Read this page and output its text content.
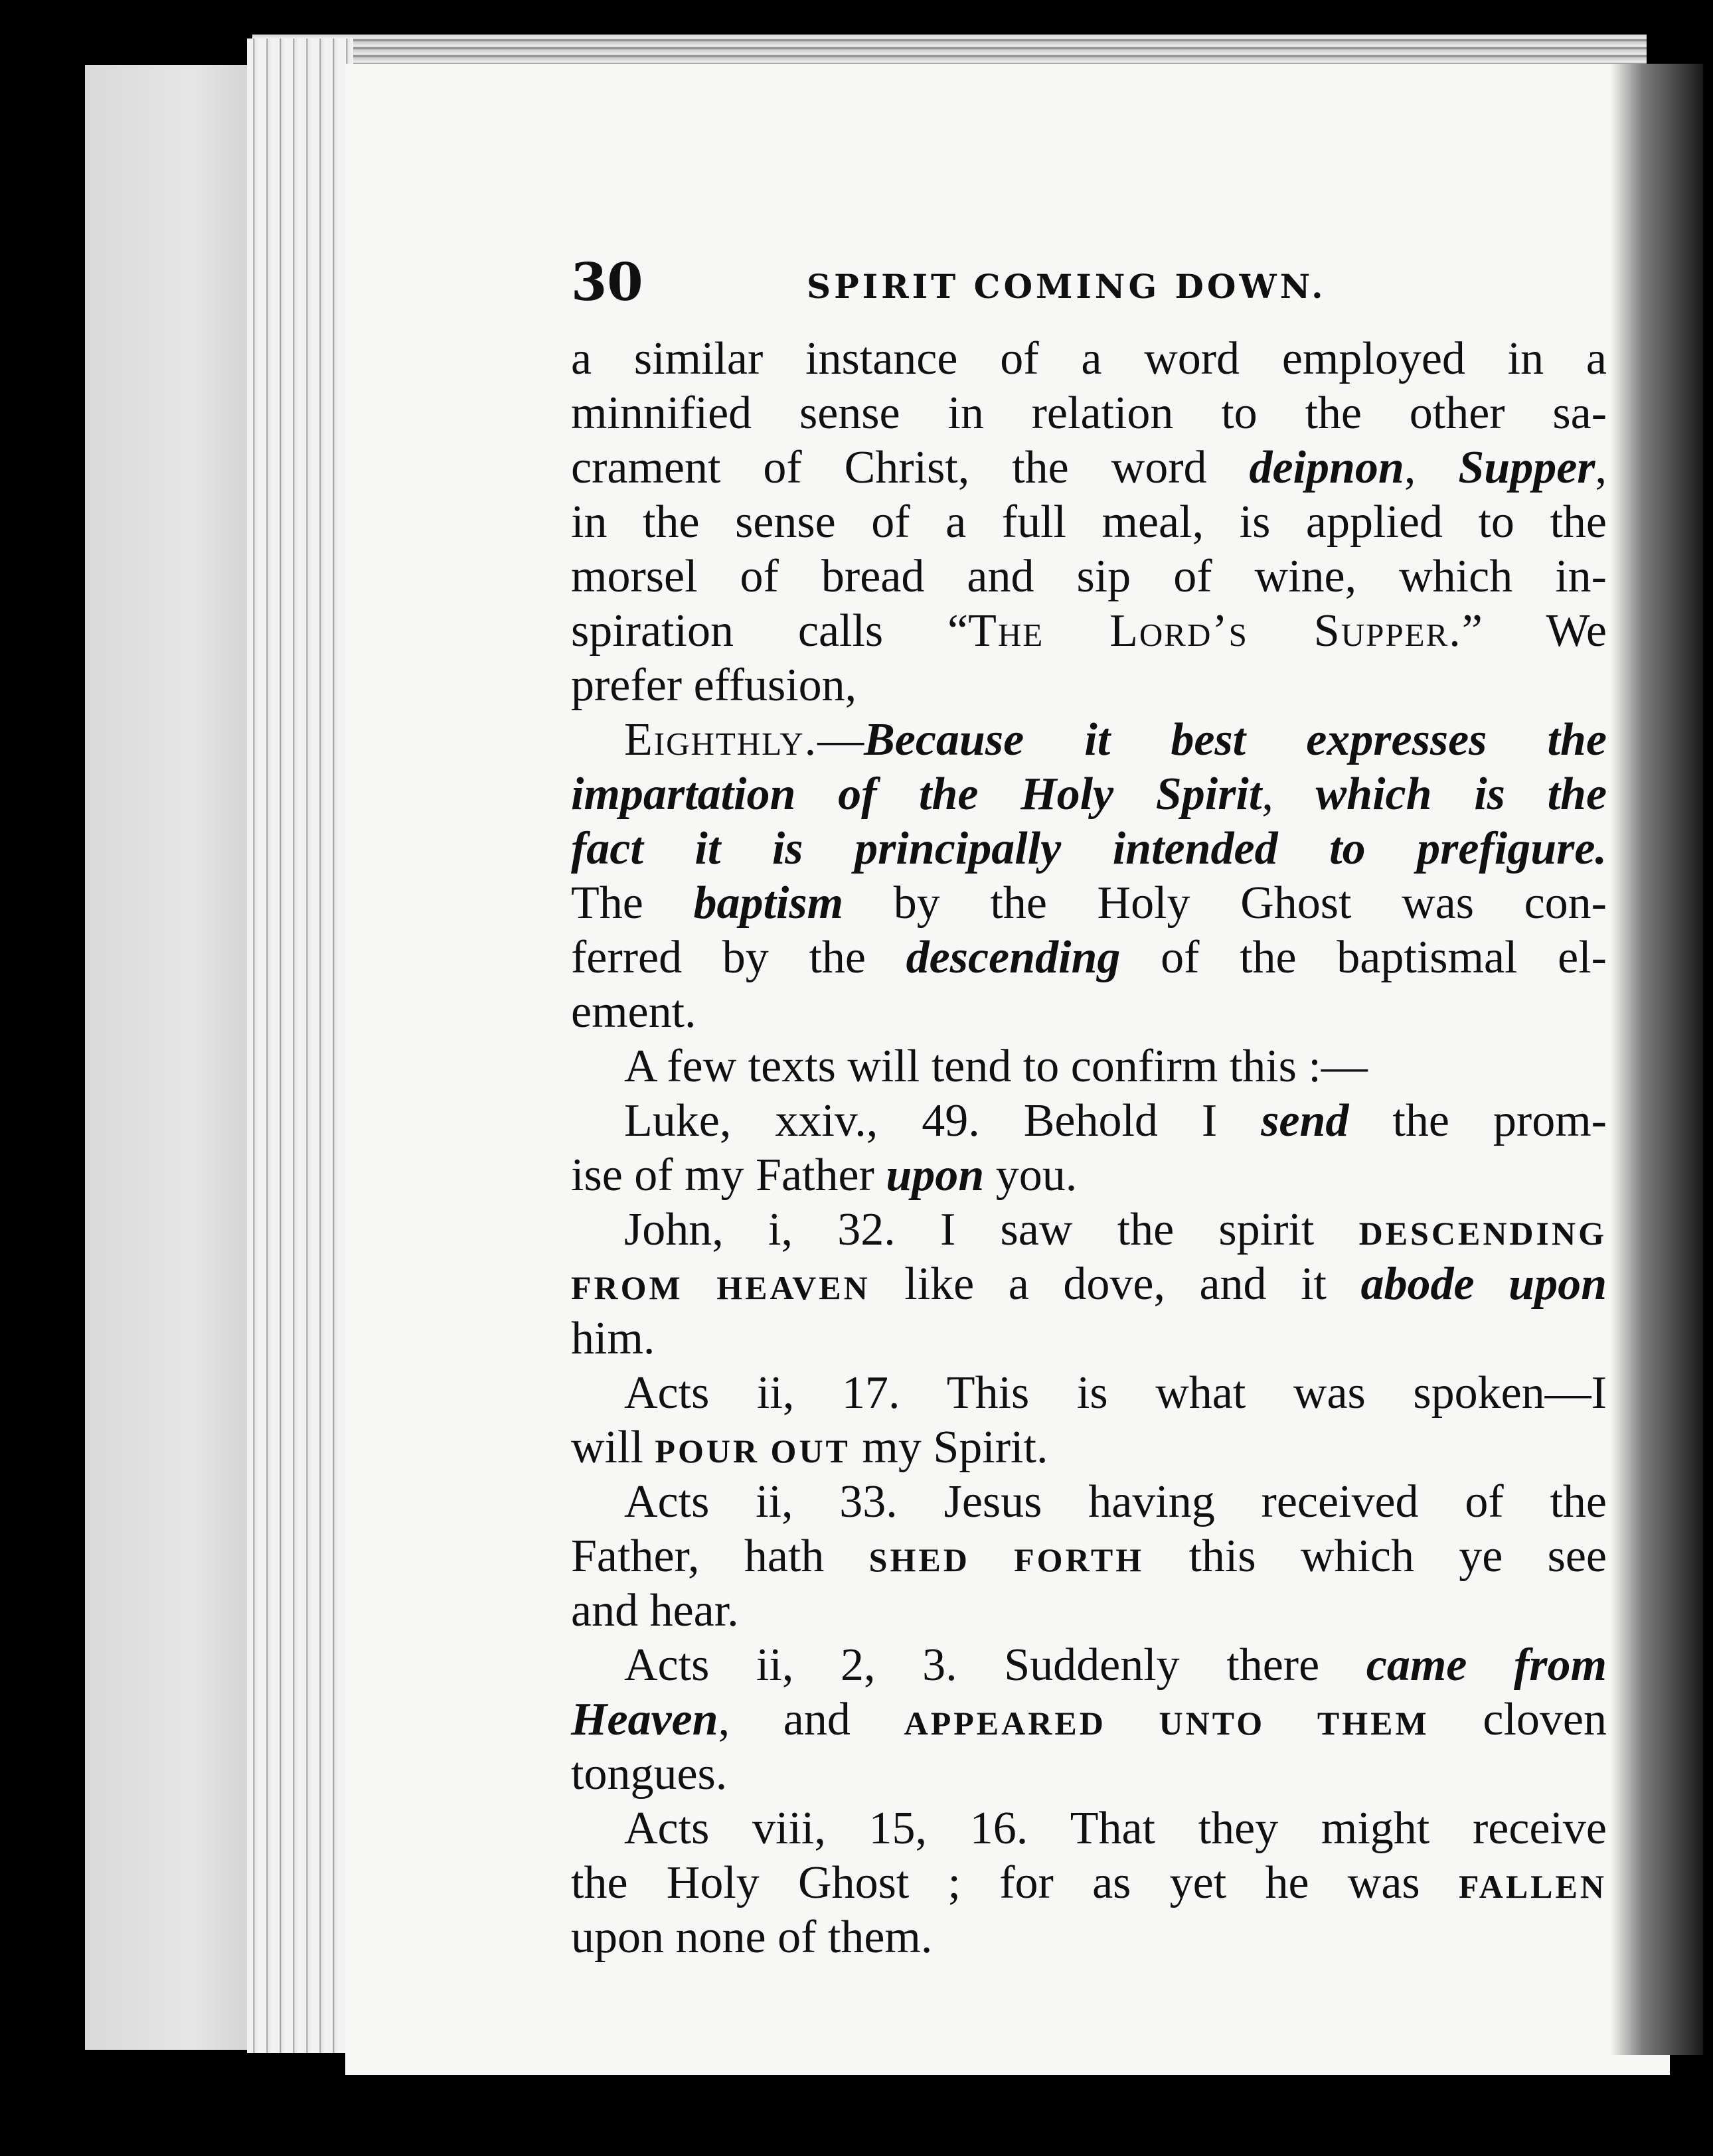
30	SPIRIT COMING DOWN.
a similar instance of a word employed in a
minnified sense in relation to the other sa-
crament of Christ, the word deipnon, Supper,
in the sense of a full meal, is applied to the
morsel of bread and sip of wine, which in-
spiration calls “The Lord’s Supper.” We
prefer effusion,
Eighthly.—Because it best expresses the
impartation of the Holy Spirit, which is the
fact it is principally intended to prefigure.
The baptism by the Holy Ghost was con-
ferred by the descending of the baptismal el-
ement.
A few texts will tend to confirm this :—
Luke, xxiv., 49. Behold I send the prom-
ise of my Father upon you.
John, i, 32. I saw the spirit DESCENDING
FROM HEAVEN like a dove, and it abode upon
him.
Acts ii, 17. This is what was spoken—I
will POUR OUT my Spirit.
Acts ii, 33. Jesus having received of the
Father, hath SHED FORTH this which ye see
and hear.
Acts ii, 2, 3. Suddenly there came from
Heaven, and APPEARED UNTO THEM cloven
tongues.
Acts viii, 15, 16. That they might receive
the Holy Ghost ; for as yet he was FALLEN
upon none of them.
